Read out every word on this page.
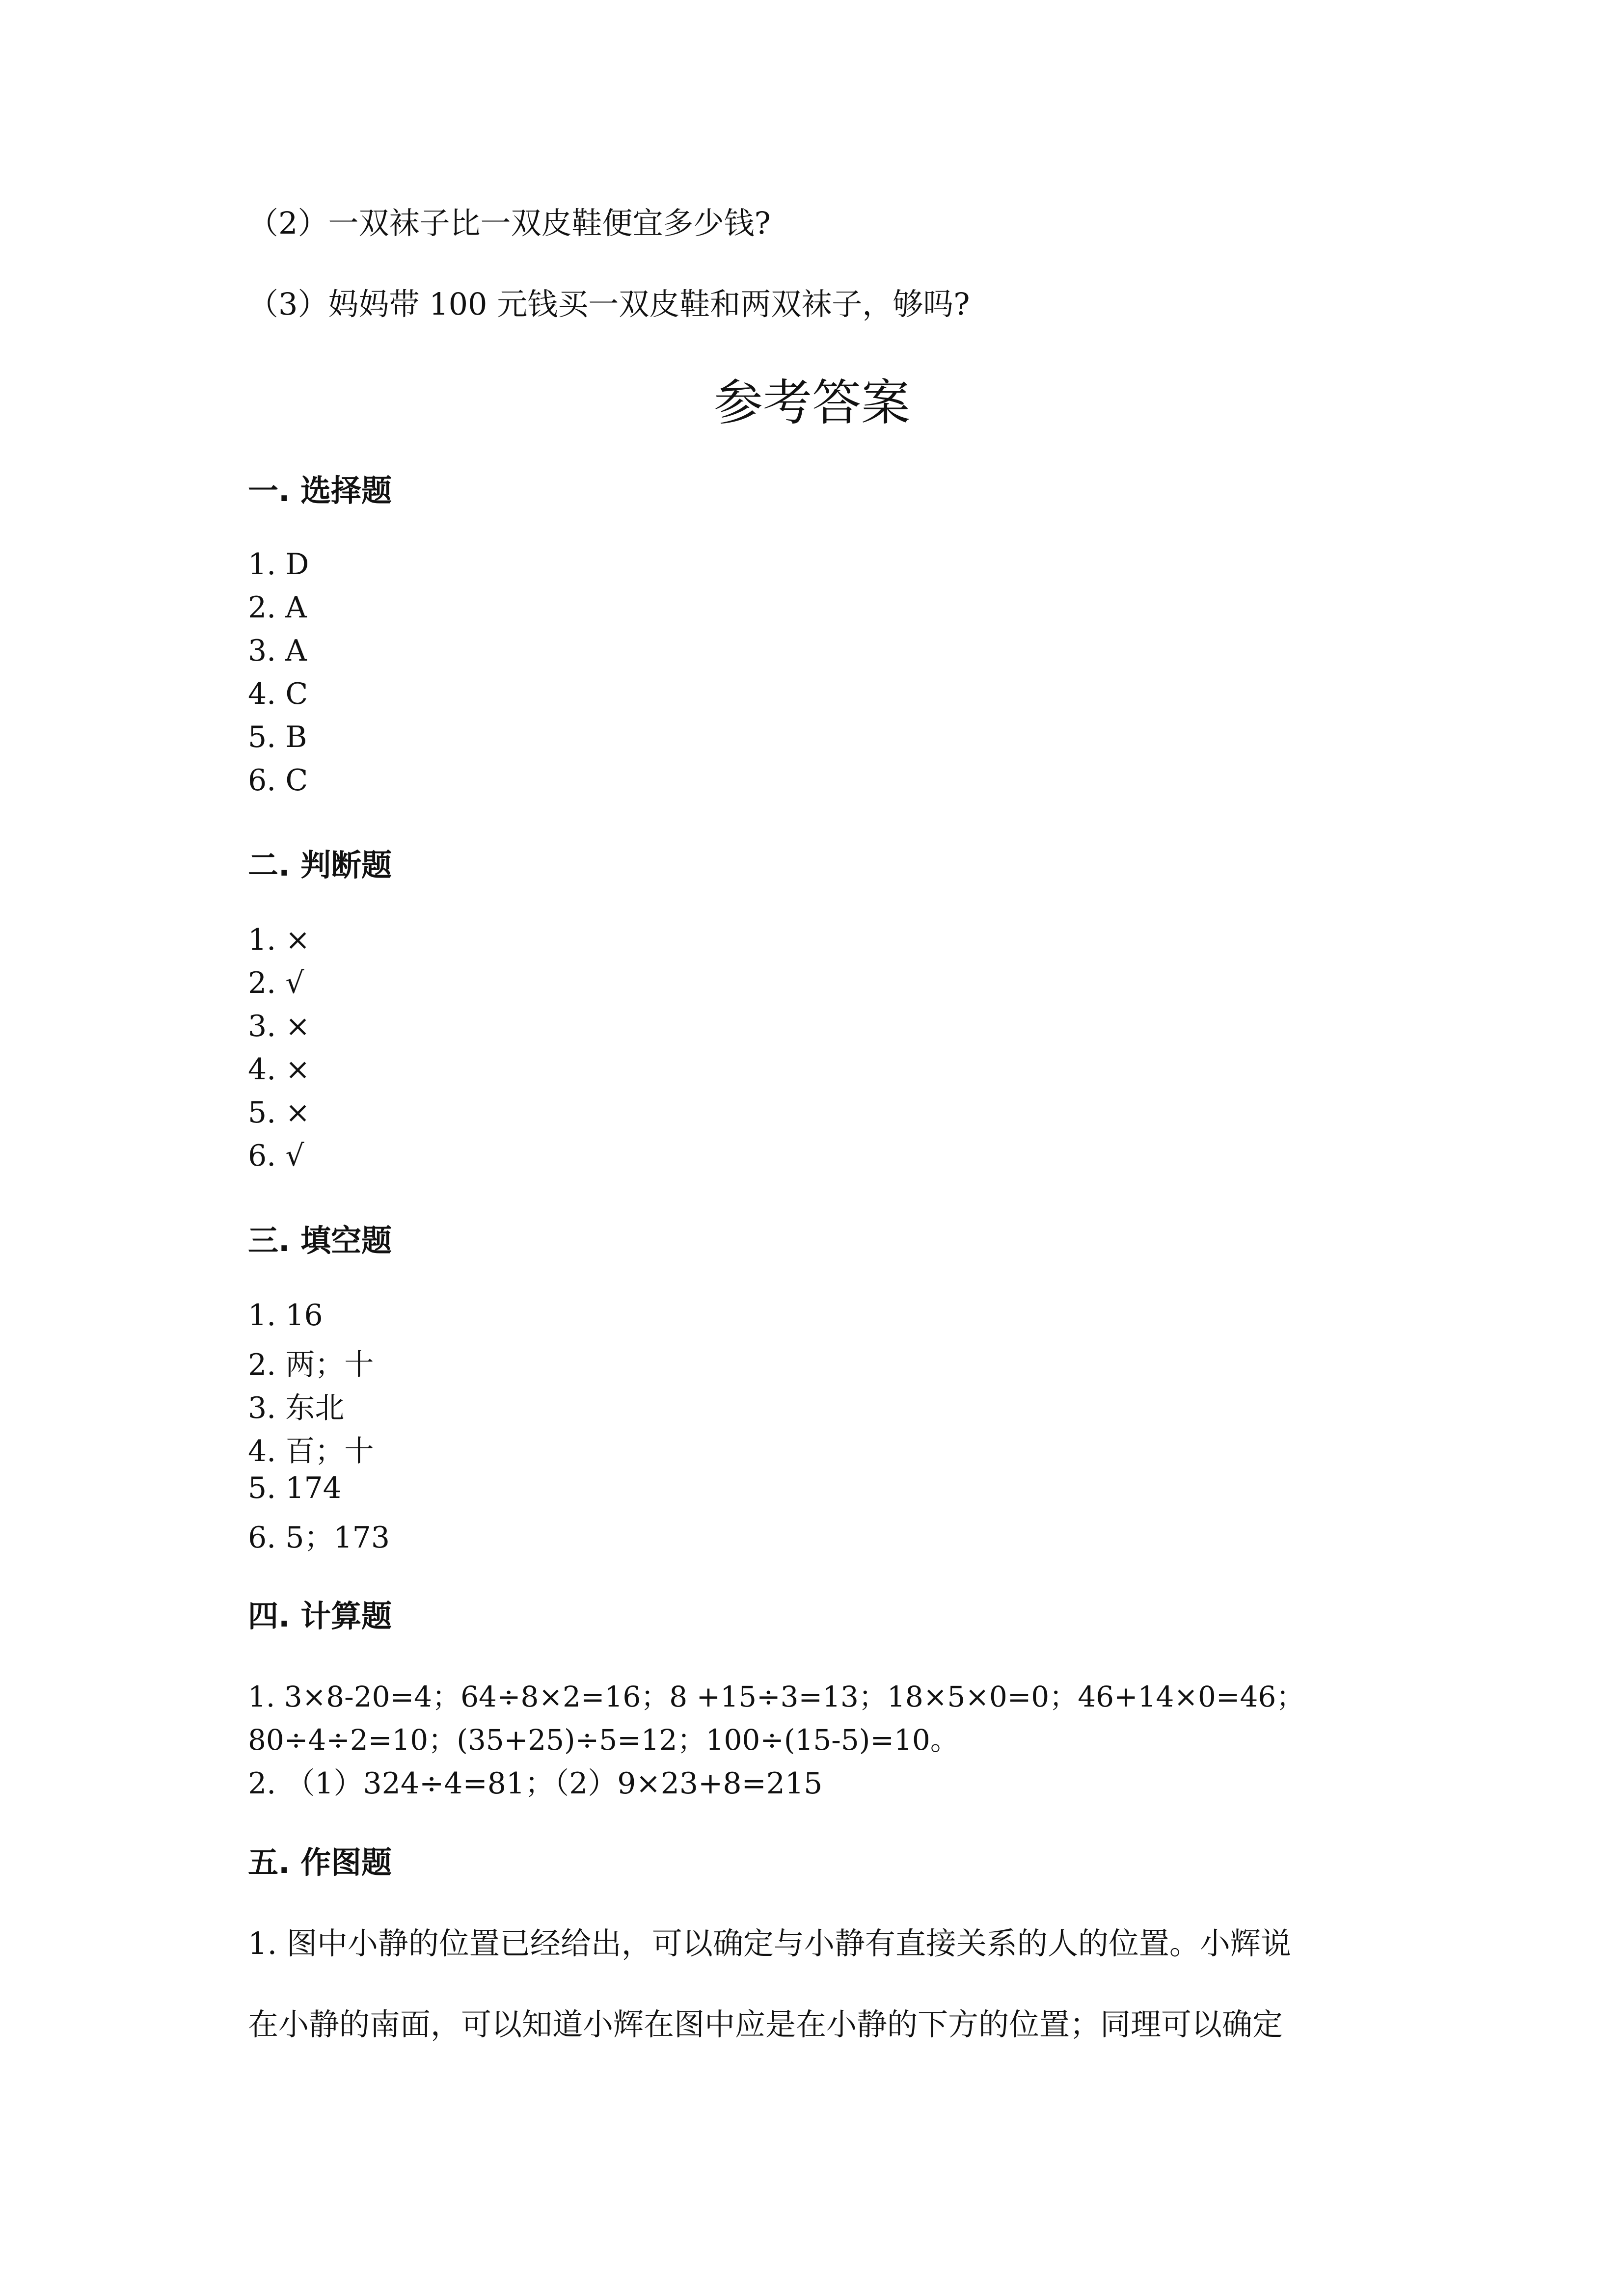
（2）一双袜子比一双皮鞋便宜多少钱?
（3）妈妈带 100 元钱买一双皮鞋和两双袜子，够吗?
参考答案
一. 选择题
1. D
2. A
3. A
4. C
5. B
6. C
二. 判断题
1. ×
2. √
3. ×
4. ×
5. ×
6. √
三. 填空题
1. 16
2. 两；十
3. 东北
4. 百；十
5. 174
6. 5；173
四. 计算题
1. 3×8-20=4；64÷8×2=16；8 +15÷3=13；18×5×0=0；46+14×0=46；
80÷4÷2=10；(35+25)÷5=12；100÷(15-5)=10。
2. （1）324÷4=81；（2）9×23+8=215
五. 作图题
1. 图中小静的位置已经给出，可以确定与小静有直接关系的人的位置。小辉说
在小静的南面，可以知道小辉在图中应是在小静的下方的位置；同理可以确定
